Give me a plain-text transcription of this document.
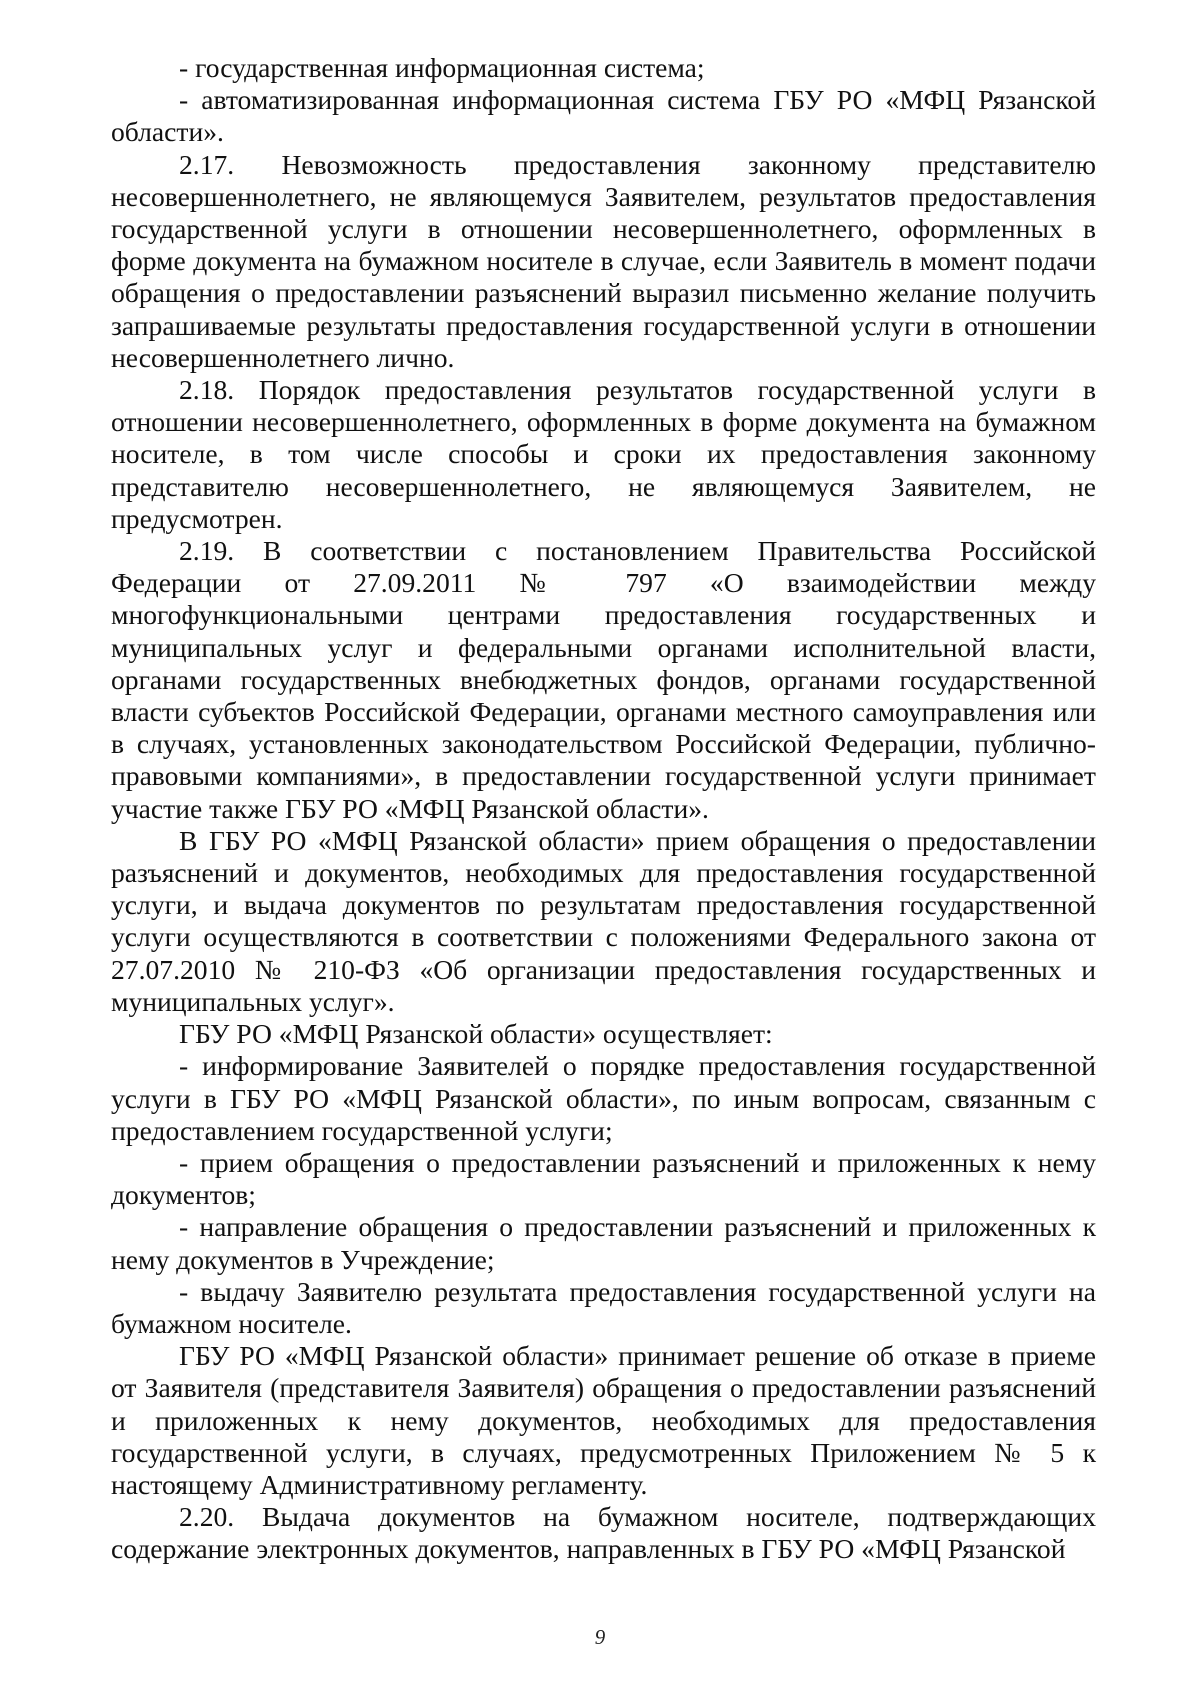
- государственная информационная система;

- автоматизированная информационная система ГБУ РО «МФЦ Рязанской области».

2.17. Невозможность предоставления законному представителю несовершеннолетнего, не являющемуся Заявителем, результатов предоставления государственной услуги в отношении несовершеннолетнего, оформленных в форме документа на бумажном носителе в случае, если Заявитель в момент подачи обращения о предоставлении разъяснений выразил письменно желание получить запрашиваемые результаты предоставления государственной услуги в отношении несовершеннолетнего лично.

2.18. Порядок предоставления результатов государственной услуги в отношении несовершеннолетнего, оформленных в форме документа на бумажном носителе, в том числе способы и сроки их предоставления законному представителю несовершеннолетнего, не являющемуся Заявителем, не предусмотрен.

2.19. В соответствии с постановлением Правительства Российской Федерации от 27.09.2011 № 797 «О взаимодействии между многофункциональными центрами предоставления государственных и муниципальных услуг и федеральными органами исполнительной власти, органами государственных внебюджетных фондов, органами государственной власти субъектов Российской Федерации, органами местного самоуправления или в случаях, установленных законодательством Российской Федерации, публично-правовыми компаниями», в предоставлении государственной услуги принимает участие также ГБУ РО «МФЦ Рязанской области».

В ГБУ РО «МФЦ Рязанской области» прием обращения о предоставлении разъяснений и документов, необходимых для предоставления государственной услуги, и выдача документов по результатам предоставления государственной услуги осуществляются в соответствии с положениями Федерального закона от 27.07.2010 № 210-ФЗ «Об организации предоставления государственных и муниципальных услуг».

ГБУ РО «МФЦ Рязанской области» осуществляет:

- информирование Заявителей о порядке предоставления государственной услуги в ГБУ РО «МФЦ Рязанской области», по иным вопросам, связанным с предоставлением государственной услуги;

- прием обращения о предоставлении разъяснений и приложенных к нему документов;

- направление обращения о предоставлении разъяснений и приложенных к нему документов в Учреждение;

- выдачу Заявителю результата предоставления государственной услуги на бумажном носителе.

ГБУ РО «МФЦ Рязанской области» принимает решение об отказе в приеме от Заявителя (представителя Заявителя) обращения о предоставлении разъяснений и приложенных к нему документов, необходимых для предоставления государственной услуги, в случаях, предусмотренных Приложением № 5 к настоящему Административному регламенту.

2.20. Выдача документов на бумажном носителе, подтверждающих содержание электронных документов, направленных в ГБУ РО «МФЦ Рязанской

9
